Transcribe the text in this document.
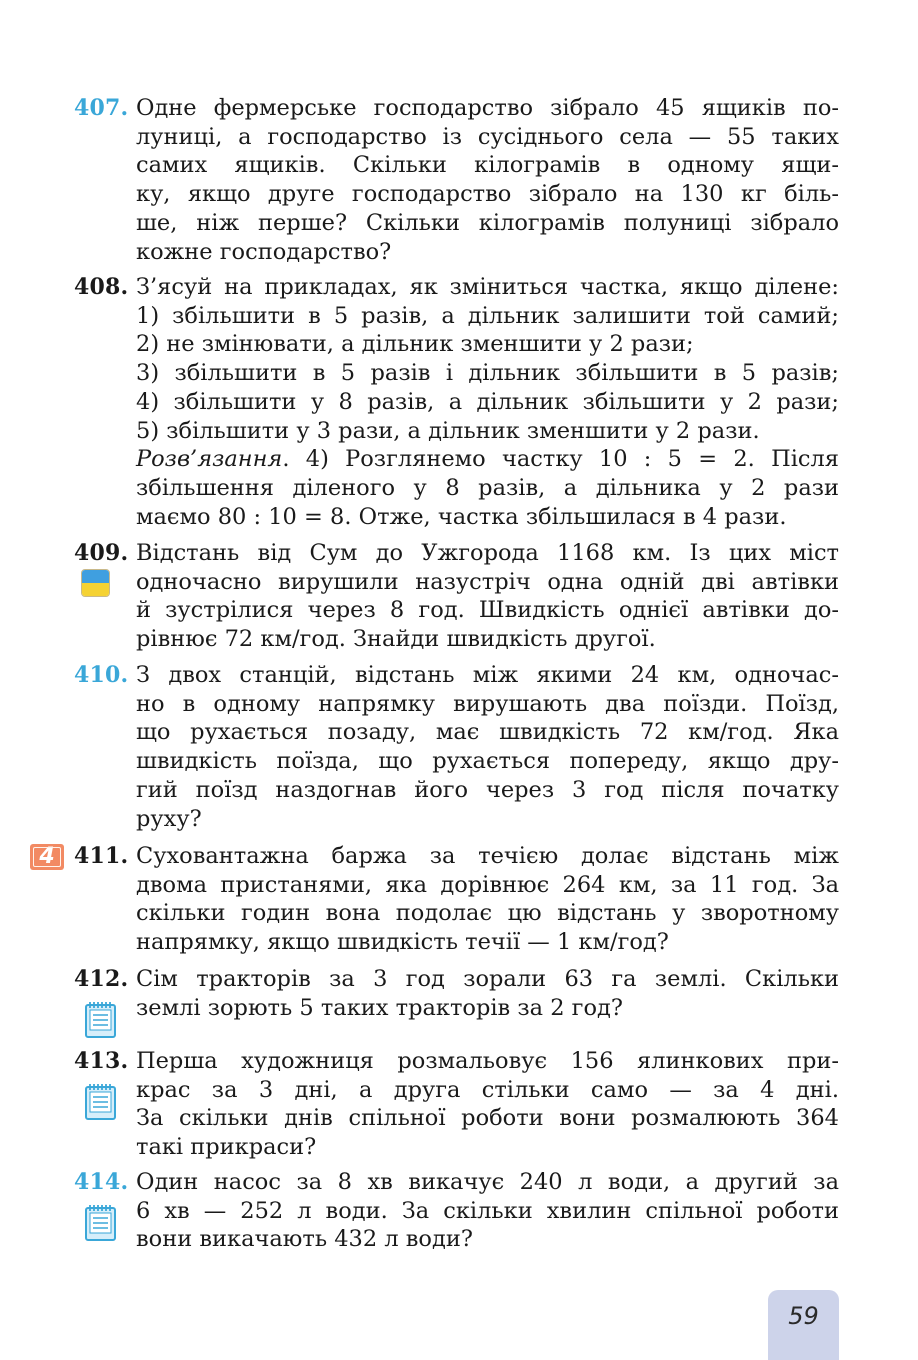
407. Одне фермерське господарство зібрало 45 ящиків по-
луниці, а господарство із сусіднього села — 55 таких
самих ящиків. Скільки кілограмів в одному ящи-
ку, якщо друге господарство зібрало на 130 кг біль-
ше, ніж перше? Скільки кілограмів полуниці зібрало
кожне господарство?
408. З’ясуй на прикладах, як зміниться частка, якщо ділене:
1) збільшити в 5 разів, а дільник залишити той самий;
2) не змінювати, а дільник зменшити у 2 рази;
3) збільшити в 5 разів і дільник збільшити в 5 разів;
4) збільшити у 8 разів, а дільник збільшити у 2 рази;
5) збільшити у 3 рази, а дільник зменшити у 2 рази.
Розв’язання. 4) Розглянемо частку 10 : 5 = 2. Після
збільшення діленого у 8 разів, а дільника у 2 рази
маємо 80 : 10 = 8. Отже, частка збільшилася в 4 рази.
409. Відстань від Сум до Ужгорода 1168 км. Із цих міст
одночасно вирушили назустріч одна одній дві автівки
й зустрілися через 8 год. Швидкість однієї автівки до-
рівнює 72 км/год. Знайди швидкість другої.
410. З двох станцій, відстань між якими 24 км, одночас-
но в одному напрямку вирушають два поїзди. Поїзд,
що рухається позаду, має швидкість 72 км/год. Яка
швидкість поїзда, що рухається попереду, якщо дру-
гий поїзд наздогнав його через 3 год після початку
руху?
4 411. Суховантажна баржа за течією долає відстань між
двома пристанями, яка дорівнює 264 км, за 11 год. За
скільки годин вона подолає цю відстань у зворотному
напрямку, якщо швидкість течії — 1 км/год?
412. Сім тракторів за 3 год зорали 63 га землі. Скільки
землі зорють 5 таких тракторів за 2 год?
413. Перша художниця розмальовує 156 ялинкових при-
крас за 3 дні, а друга стільки само — за 4 дні.
За скільки днів спільної роботи вони розмалюють 364
такі прикраси?
414. Один насос за 8 хв викачує 240 л води, а другий за
6 хв — 252 л води. За скільки хвилин спільної роботи
вони викачають 432 л води?
59
